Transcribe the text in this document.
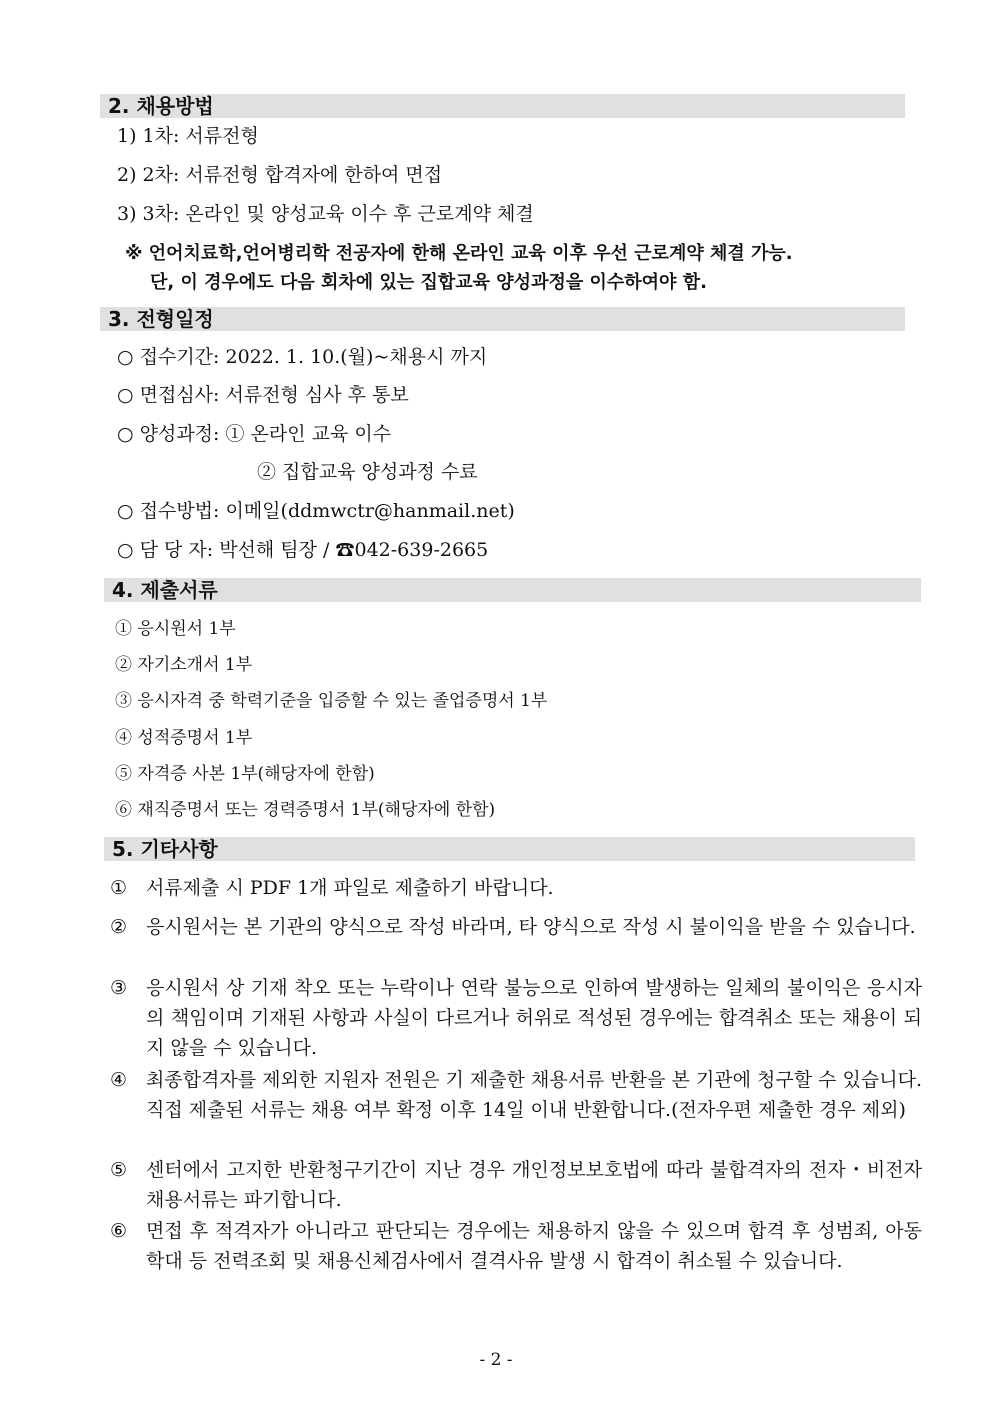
2. 채용방법
1) 1차: 서류전형
2) 2차: 서류전형 합격자에 한하여 면접
3) 3차: 온라인 및 양성교육 이수 후 근로계약 체결
※ 언어치료학,언어병리학 전공자에 한해 온라인 교육 이후 우선 근로계약 체결 가능.
단, 이 경우에도 다음 회차에 있는 집합교육 양성과정을 이수하여야 함.
3. 전형일정
○ 접수기간: 2022. 1. 10.(월)~채용시 까지
○ 면접심사: 서류전형 심사 후 통보
○ 양성과정: ① 온라인 교육 이수
② 집합교육 양성과정 수료
○ 접수방법: 이메일(ddmwctr@hanmail.net)
○ 담 당 자: 박선해 팀장 / ☎042-639-2665
4. 제출서류
① 응시원서 1부
② 자기소개서 1부
③ 응시자격 중 학력기준을 입증할 수 있는 졸업증명서 1부
④ 성적증명서 1부
⑤ 자격증 사본 1부(해당자에 한함)
⑥ 재직증명서 또는 경력증명서 1부(해당자에 한함)
5. 기타사항
① 서류제출 시 PDF 1개 파일로 제출하기 바랍니다.
② 응시원서는 본 기관의 양식으로 작성 바라며, 타 양식으로 작성 시 불이익을 받을 수 있습니다.
③ 응시원서 상 기재 착오 또는 누락이나 연락 불능으로 인하여 발생하는 일체의 불이익은 응시자의 책임이며 기재된 사항과 사실이 다르거나 허위로 적성된 경우에는 합격취소 또는 채용이 되지 않을 수 있습니다.
④ 최종합격자를 제외한 지원자 전원은 기 제출한 채용서류 반환을 본 기관에 청구할 수 있습니다. 직접 제출된 서류는 채용 여부 확정 이후 14일 이내 반환합니다.(전자우편 제출한 경우 제외)
⑤ 센터에서 고지한 반환청구기간이 지난 경우 개인정보보호법에 따라 불합격자의 전자・비전자 채용서류는 파기합니다.
⑥ 면접 후 적격자가 아니라고 판단되는 경우에는 채용하지 않을 수 있으며 합격 후 성범죄, 아동학대 등 전력조회 및 채용신체검사에서 결격사유 발생 시 합격이 취소될 수 있습니다.
- 2 -
